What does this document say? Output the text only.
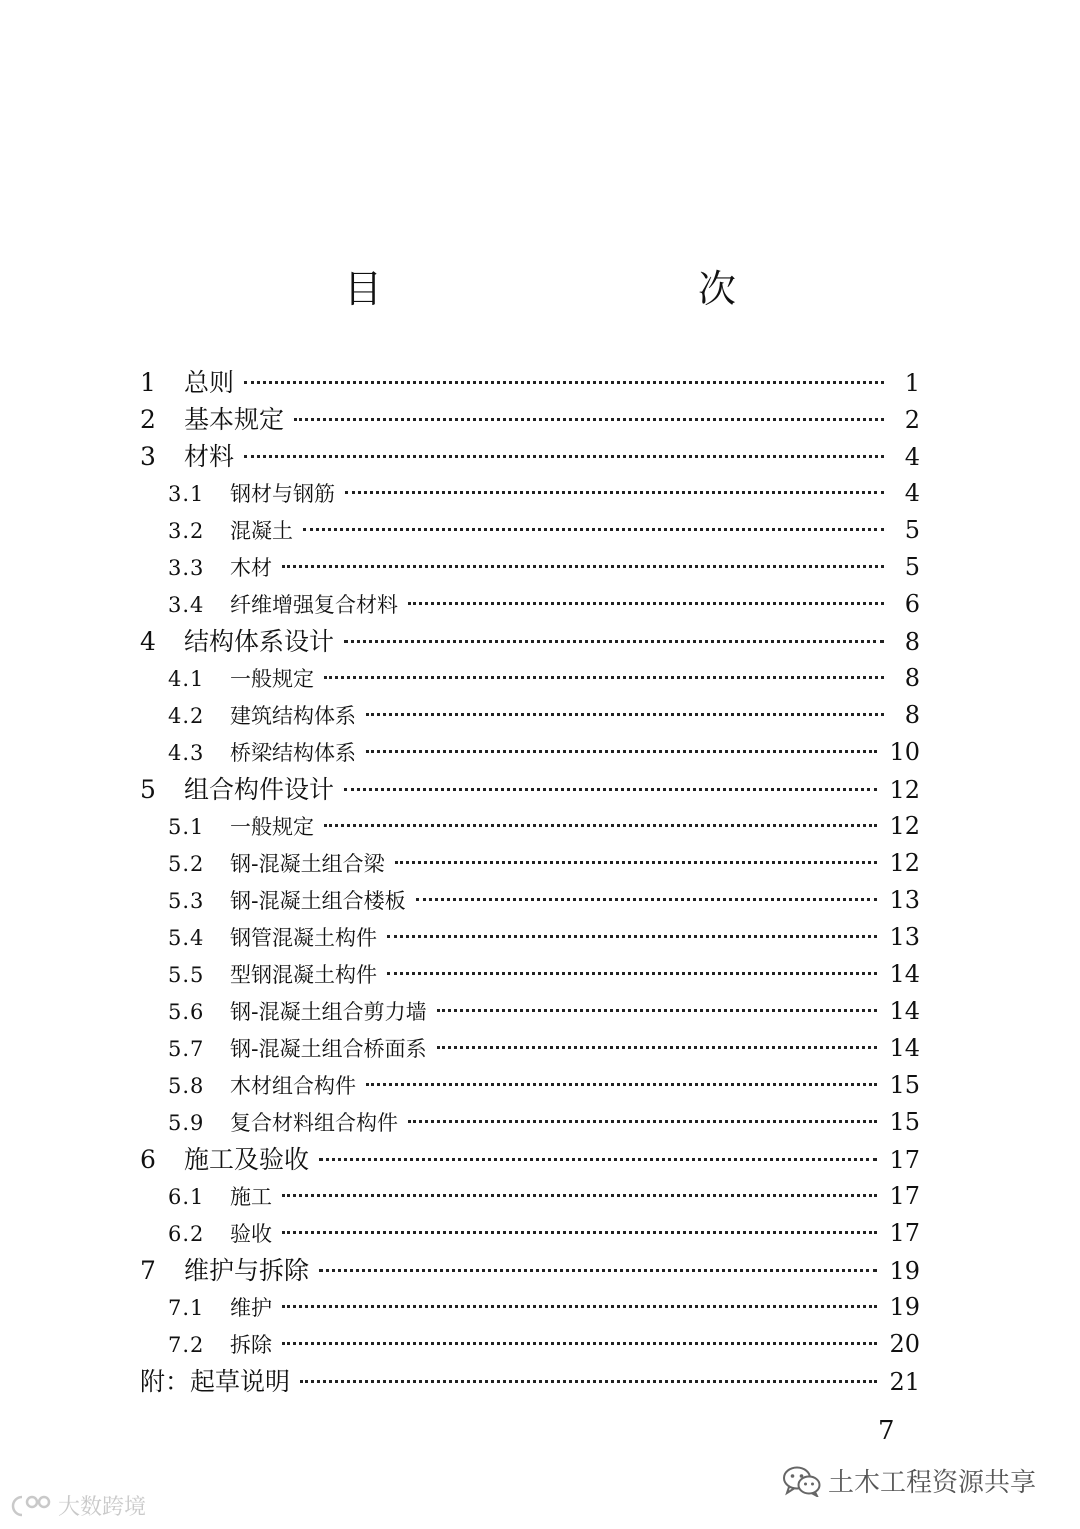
目　　次
1	总则	1
2	基本规定	2
3	材料	4
3.1	钢材与钢筋	4
3.2	混凝土	5
3.3	木材	5
3.4	纤维增强复合材料	6
4	结构体系设计	8
4.1	一般规定	8
4.2	建筑结构体系	8
4.3	桥梁结构体系	10
5	组合构件设计	12
5.1	一般规定	12
5.2	钢-混凝土组合梁	12
5.3	钢-混凝土组合楼板	13
5.4	钢管混凝土构件	13
5.5	型钢混凝土构件	14
5.6	钢-混凝土组合剪力墙	14
5.7	钢-混凝土组合桥面系	14
5.8	木材组合构件	15
5.9	复合材料组合构件	15
6	施工及验收	17
6.1	施工	17
6.2	验收	17
7	维护与拆除	19
7.1	维护	19
7.2	拆除	20
附：起草说明	21
7
土木工程资源共享
大数跨境
